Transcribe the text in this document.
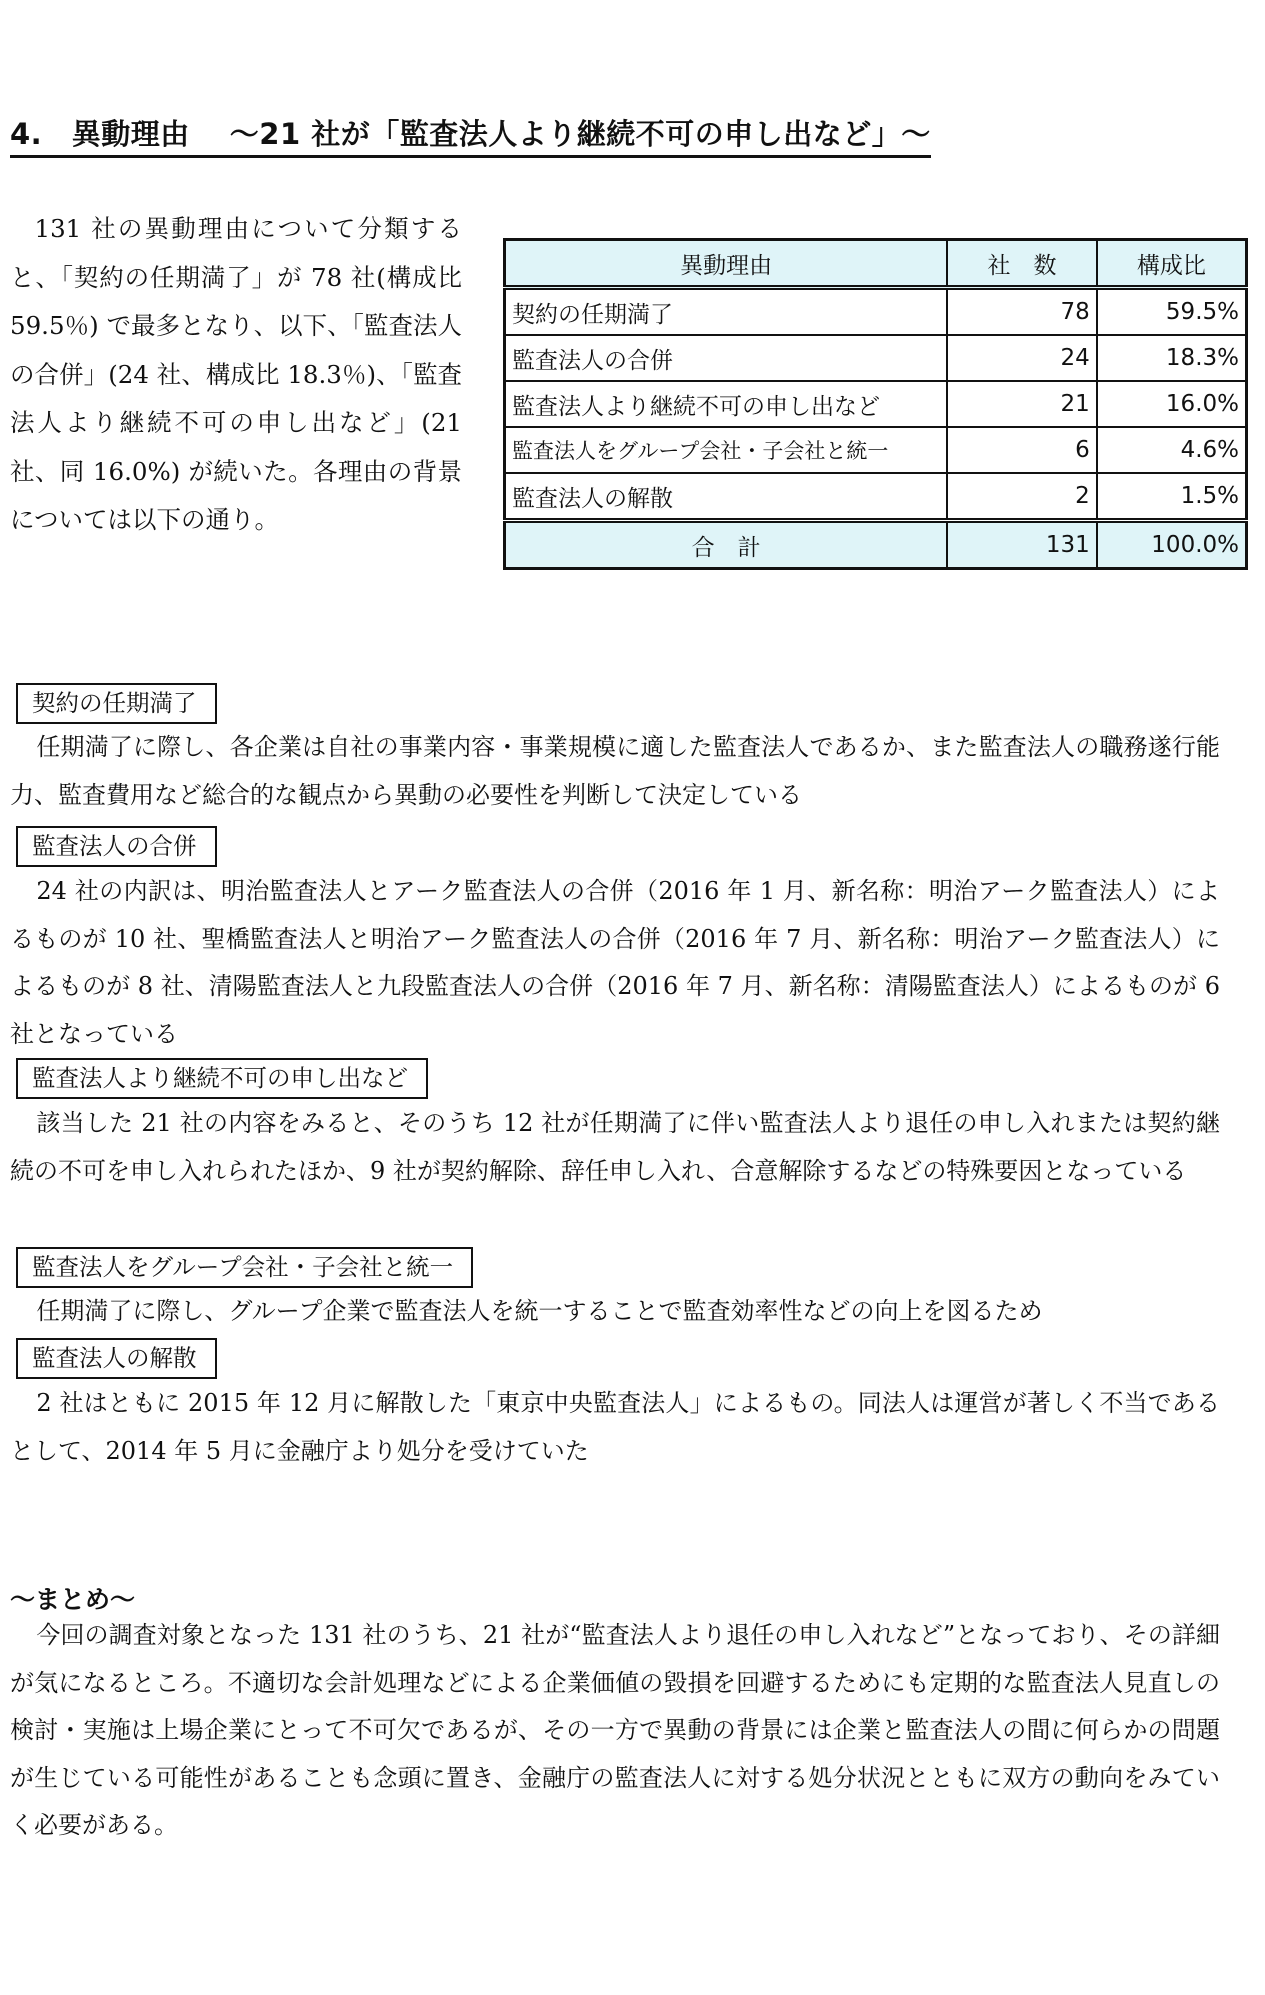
4.　異動理由　 ～21 社が「監査法人より継続不可の申し出など」～

131 社の異動理由について分類すると、「契約の任期満了」が 78 社(構成比 59.5％) で最多となり、以下、「監査法人の合併」(24 社、構成比 18.3％)、「監査法人より継続不可の申し出など」(21 社、同 16.0%) が続いた。各理由の背景については以下の通り。

異動理由	社　数	構成比
契約の任期満了	78	59.5%
監査法人の合併	24	18.3%
監査法人より継続不可の申し出など	21	16.0%
監査法人をグループ会社・子会社と統一	6	4.6%
監査法人の解散	2	1.5%
合　計	131	100.0%
契約の任期満了

任期満了に際し、各企業は自社の事業内容・事業規模に適した監査法人であるか、また監査法人の職務遂行能力、監査費用など総合的な観点から異動の必要性を判断して決定している

監査法人の合併

24 社の内訳は、明治監査法人とアーク監査法人の合併（2016 年 1 月、新名称：明治アーク監査法人）によるものが 10 社、聖橋監査法人と明治アーク監査法人の合併（2016 年 7 月、新名称：明治アーク監査法人）によるものが 8 社、清陽監査法人と九段監査法人の合併（2016 年 7 月、新名称：清陽監査法人）によるものが 6 社となっている

監査法人より継続不可の申し出など

該当した 21 社の内容をみると、そのうち 12 社が任期満了に伴い監査法人より退任の申し入れまたは契約継続の不可を申し入れられたほか、9 社が契約解除、辞任申し入れ、合意解除するなどの特殊要因となっている

監査法人をグループ会社・子会社と統一

任期満了に際し、グループ企業で監査法人を統一することで監査効率性などの向上を図るため

監査法人の解散

2 社はともに 2015 年 12 月に解散した「東京中央監査法人」によるもの。同法人は運営が著しく不当であるとして、2014 年 5 月に金融庁より処分を受けていた

～まとめ～

今回の調査対象となった 131 社のうち、21 社が“監査法人より退任の申し入れなど”となっており、その詳細が気になるところ。不適切な会計処理などによる企業価値の毀損を回避するためにも定期的な監査法人見直しの検討・実施は上場企業にとって不可欠であるが、その一方で異動の背景には企業と監査法人の間に何らかの問題が生じている可能性があることも念頭に置き、金融庁の監査法人に対する処分状況とともに双方の動向をみていく必要がある。
